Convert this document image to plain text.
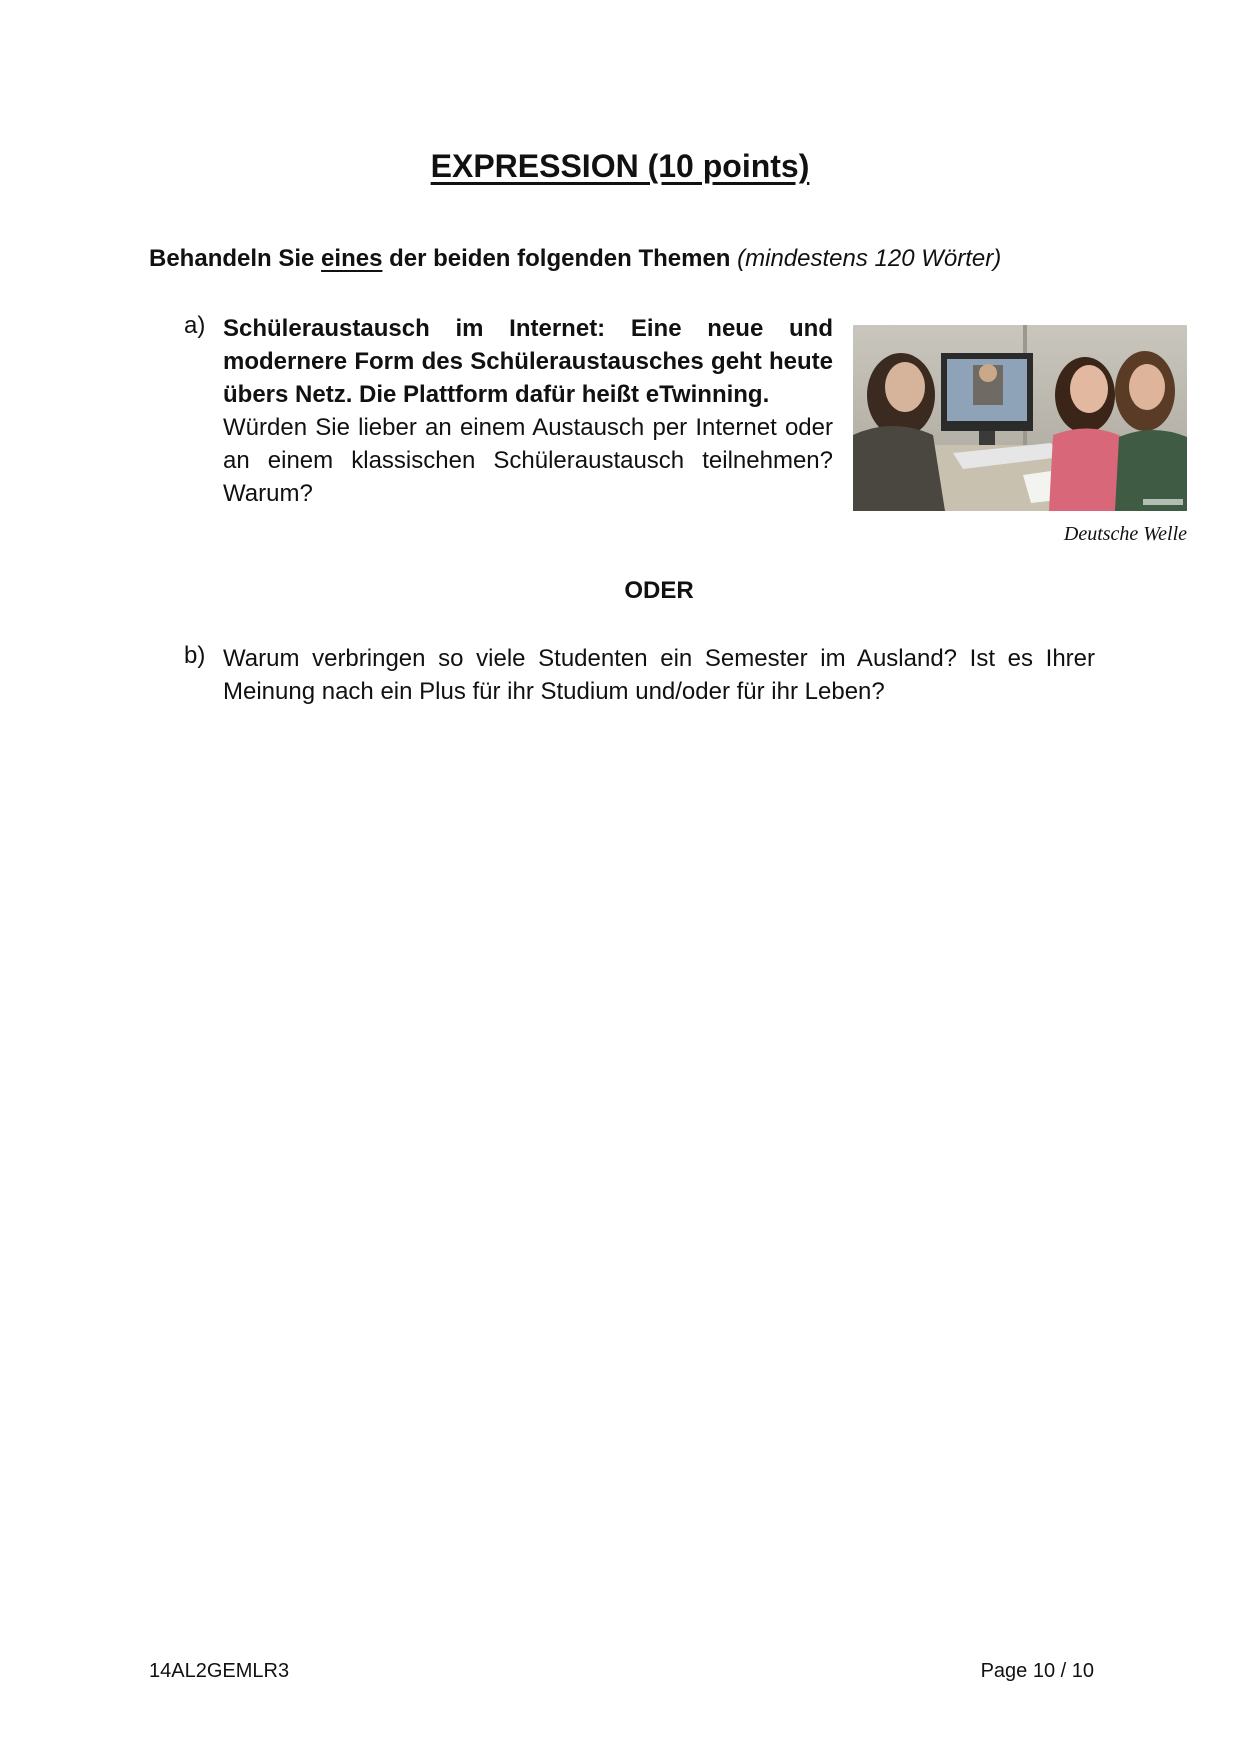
EXPRESSION (10 points)
Behandeln Sie eines der beiden folgenden Themen (mindestens 120 Wörter)
a) Schüleraustausch im Internet: Eine neue und modernere Form des Schüleraustausches geht heute übers Netz. Die Plattform dafür heißt eTwinning.
Würden Sie lieber an einem Austausch per Internet oder an einem klassischen Schüleraustausch teilnehmen? Warum?
Deutsche Welle
ODER
b) Warum verbringen so viele Studenten ein Semester im Ausland? Ist es Ihrer Meinung nach ein Plus für ihr Studium und/oder für ihr Leben?
14AL2GEMLR3	Page 10 / 10
